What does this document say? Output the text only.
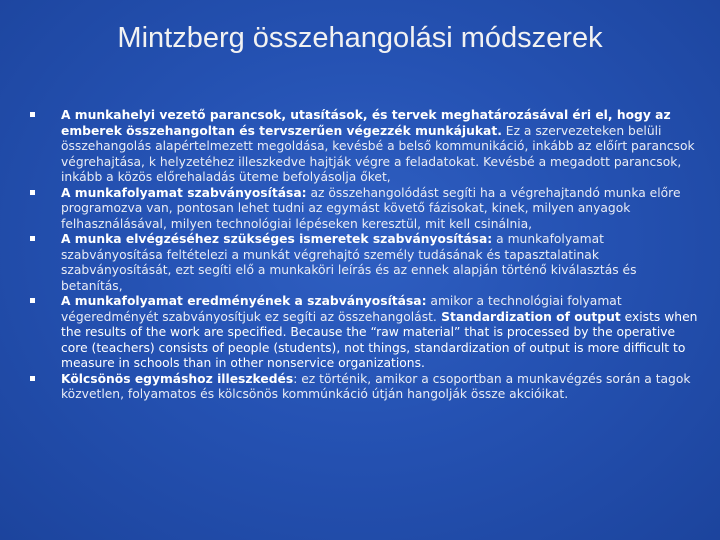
Mintzberg összehangolási módszerek
A munkahelyi vezető parancsok, utasítások, és tervek meghatározásával éri el, hogy az emberek összehangoltan és tervszerűen végezzék munkájukat. Ez a szervezeteken belüli összehangolás alapértelmezett megoldása, kevésbé a belső kommunikáció, inkább az előírt parancsok végrehajtása, k helyzetéhez illeszkedve hajtják végre a feladatokat. Kevésbé a megadott parancsok, inkább a közös előrehaladás üteme befolyásolja őket,
A munkafolyamat szabványosítása: az összehangolódást segíti ha a végrehajtandó munka előre programozva van, pontosan lehet tudni az egymást követő fázisokat, kinek, milyen anyagok felhasználásával, milyen technológiai lépéseken keresztül, mit kell csinálnia,
A munka elvégzéséhez szükséges ismeretek szabványosítása: a munkafolyamat szabványosítása feltételezi a munkát végrehajtó személy tudásának és tapasztalatinak szabványosítását, ezt segíti elő a munkaköri leírás és az ennek alapján történő kiválasztás és betanítás,
A munkafolyamat eredményének a szabványosítása: amikor a technológiai folyamat végeredményét szabványosítjuk ez segíti az összehangolást. Standardization of output exists when the results of the work are specified. Because the “raw material” that is processed by the operative core (teachers) consists of people (students), not things, standardization of output is more difficult to measure in schools than in other nonservice organizations.
Kölcsönös egymáshoz illeszkedés: ez történik, amikor a csoportban a munkavégzés során a tagok közvetlen, folyamatos és kölcsönös kommúnkáció útján hangolják össze akcióikat.
